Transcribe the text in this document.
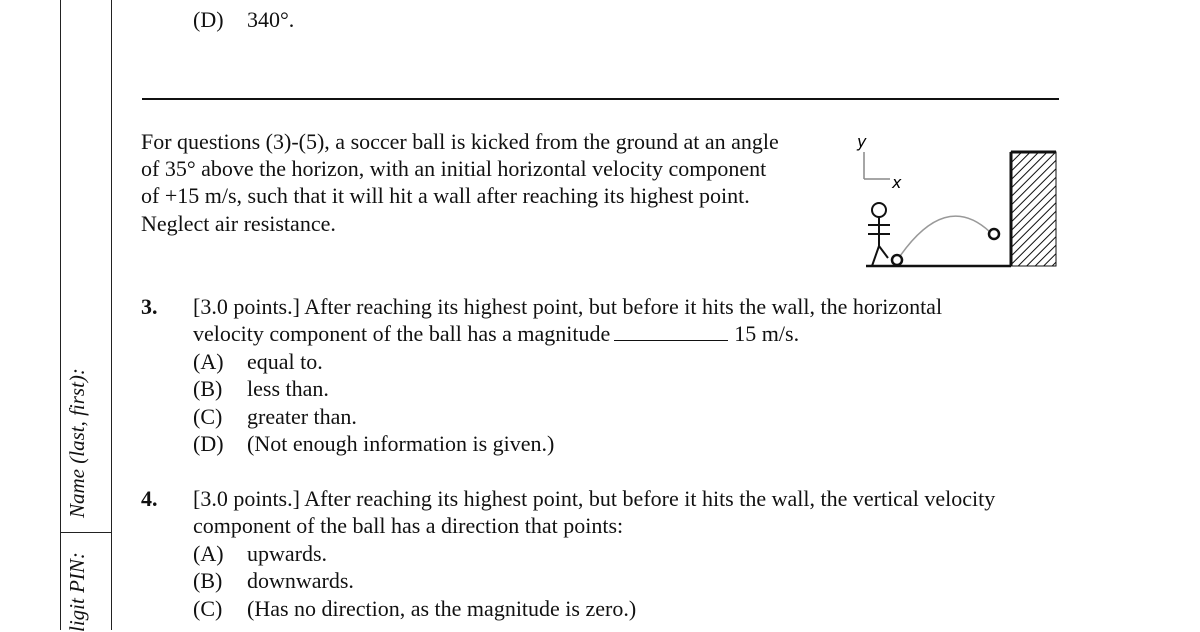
Name (last, first):
ligit PIN:
(D) 340°.
For questions (3)-(5), a soccer ball is kicked from the ground at an angle
of 35° above the horizon, with an initial horizontal velocity component
of +15 m/s, such that it will hit a wall after reaching its highest point.
Neglect air resistance.
y
x
3. [3.0 points.] After reaching its highest point, but before it hits the wall, the horizontal
velocity component of the ball has a magnitude	15 m/s.
(A) equal to.
(B) less than.
(C) greater than.
(D) (Not enough information is given.)
4. [3.0 points.] After reaching its highest point, but before it hits the wall, the vertical velocity
component of the ball has a direction that points:
(A) upwards.
(B) downwards.
(C) (Has no direction, as the magnitude is zero.)
